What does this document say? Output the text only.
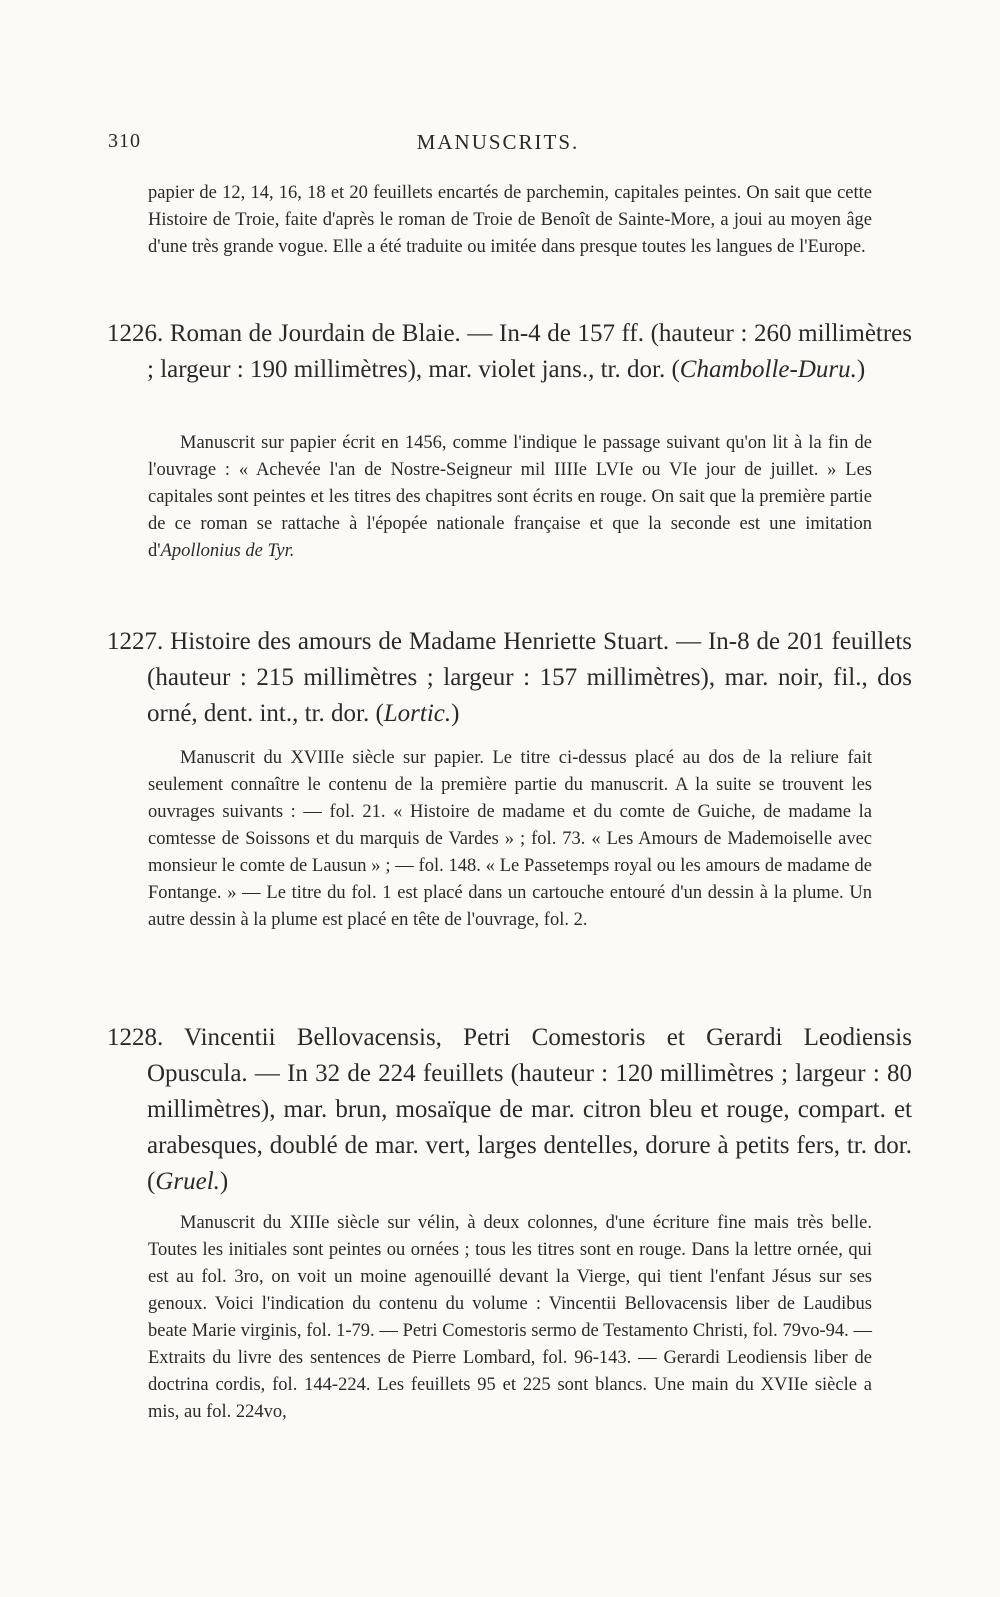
310	MANUSCRITS.

papier de 12, 14, 16, 18 et 20 feuillets encartés de parchemin, capitales peintes. On sait que cette Histoire de Troie, faite d'après le roman de Troie de Benoît de Sainte-More, a joui au moyen âge d'une très grande vogue. Elle a été traduite ou imitée dans presque toutes les langues de l'Europe.

1226. Roman de Jourdain de Blaie. — In-4 de 157 ff. (hauteur : 260 millimètres ; largeur : 190 millimètres), mar. violet jans., tr. dor. (Chambolle-Duru.)

Manuscrit sur papier écrit en 1456, comme l'indique le passage suivant qu'on lit à la fin de l'ouvrage : « Achevée l'an de Nostre-Seigneur mil IIIIe LVIe ou VIe jour de juillet. » Les capitales sont peintes et les titres des chapitres sont écrits en rouge. On sait que la première partie de ce roman se rattache à l'épopée nationale française et que la seconde est une imitation d'Apollonius de Tyr.

1227. Histoire des amours de Madame Henriette Stuart. — In-8 de 201 feuillets (hauteur : 215 millimètres ; largeur : 157 millimètres), mar. noir, fil., dos orné, dent. int., tr. dor. (Lortic.)

Manuscrit du XVIIIe siècle sur papier. Le titre ci-dessus placé au dos de la reliure fait seulement connaître le contenu de la première partie du manuscrit. A la suite se trouvent les ouvrages suivants : — fol. 21. « Histoire de madame et du comte de Guiche, de madame la comtesse de Soissons et du marquis de Vardes » ; fol. 73. « Les Amours de Mademoiselle avec monsieur le comte de Lausun » ; — fol. 148. « Le Passetemps royal ou les amours de madame de Fontange. » — Le titre du fol. 1 est placé dans un cartouche entouré d'un dessin à la plume. Un autre dessin à la plume est placé en tête de l'ouvrage, fol. 2.

1228. Vincentii Bellovacensis, Petri Comestoris et Gerardi Leodiensis Opuscula. — In 32 de 224 feuillets (hauteur : 120 millimètres ; largeur : 80 millimètres), mar. brun, mosaïque de mar. citron bleu et rouge, compart. et arabesques, doublé de mar. vert, larges dentelles, dorure à petits fers, tr. dor. (Gruel.)

Manuscrit du XIIIe siècle sur vélin, à deux colonnes, d'une écriture fine mais très belle. Toutes les initiales sont peintes ou ornées ; tous les titres sont en rouge. Dans la lettre ornée, qui est au fol. 3ro, on voit un moine agenouillé devant la Vierge, qui tient l'enfant Jésus sur ses genoux. Voici l'indication du contenu du volume : Vincentii Bellovacensis liber de Laudibus beate Marie virginis, fol. 1-79. — Petri Comestoris sermo de Testamento Christi, fol. 79vo-94. — Extraits du livre des sentences de Pierre Lombard, fol. 96-143. — Gerardi Leodiensis liber de doctrina cordis, fol. 144-224. Les feuillets 95 et 225 sont blancs. Une main du XVIIe siècle a mis, au fol. 224vo,
